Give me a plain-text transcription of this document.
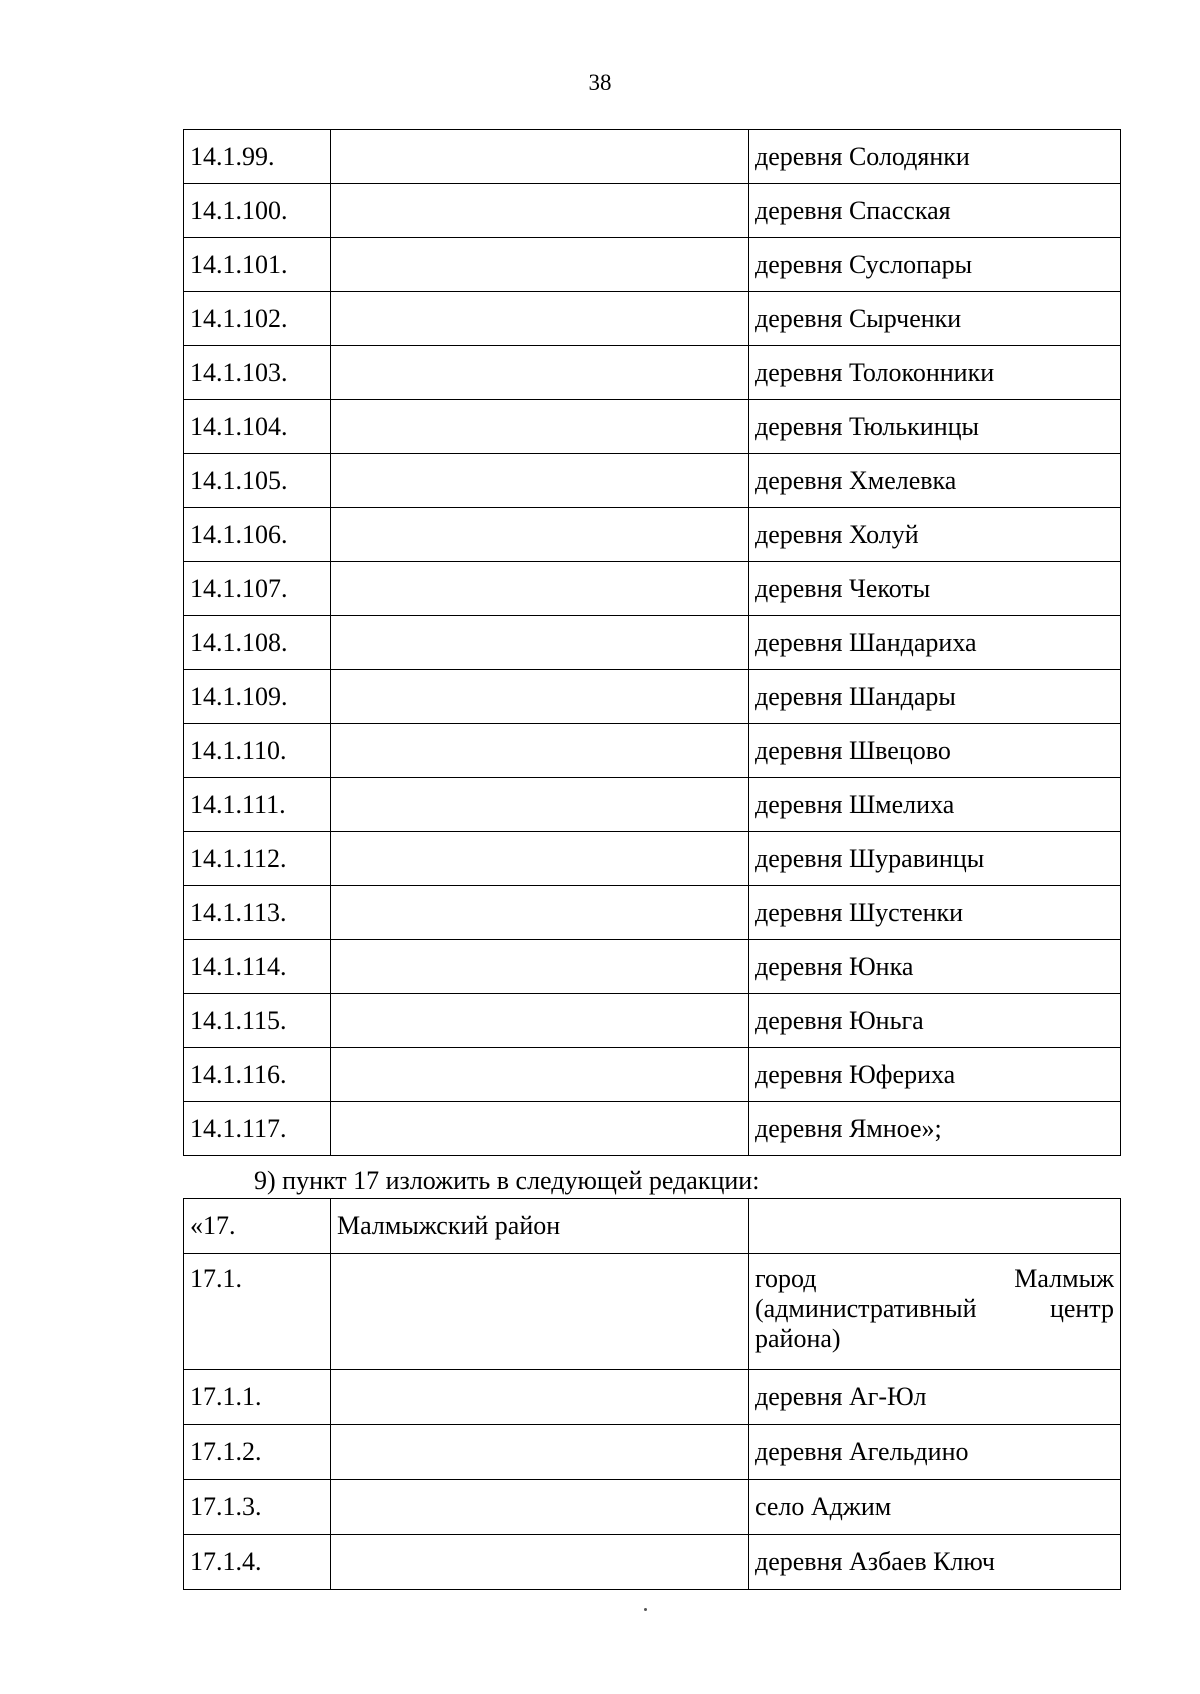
38
14.1.99.		деревня Солодянки
14.1.100.		деревня Спасская
14.1.101.		деревня Суслопары
14.1.102.		деревня Сырченки
14.1.103.		деревня Толоконники
14.1.104.		деревня Тюлькинцы
14.1.105.		деревня Хмелевка
14.1.106.		деревня Холуй
14.1.107.		деревня Чекоты
14.1.108.		деревня Шандариха
14.1.109.		деревня Шандары
14.1.110.		деревня Швецово
14.1.111.		деревня Шмелиха
14.1.112.		деревня Шуравинцы
14.1.113.		деревня Шустенки
14.1.114.		деревня Юнка
14.1.115.		деревня Юньга
14.1.116.		деревня Юфериха
14.1.117.		деревня Ямное»;
9) пункт 17 изложить в следующей редакции:
«17.	Малмыжский район	
17.1.		город Малмыж
(административный центр
района)

17.1.1.		деревня Аг-Юл
17.1.2.		деревня Агельдино
17.1.3.		село Аджим
17.1.4.		деревня Азбаев Ключ
